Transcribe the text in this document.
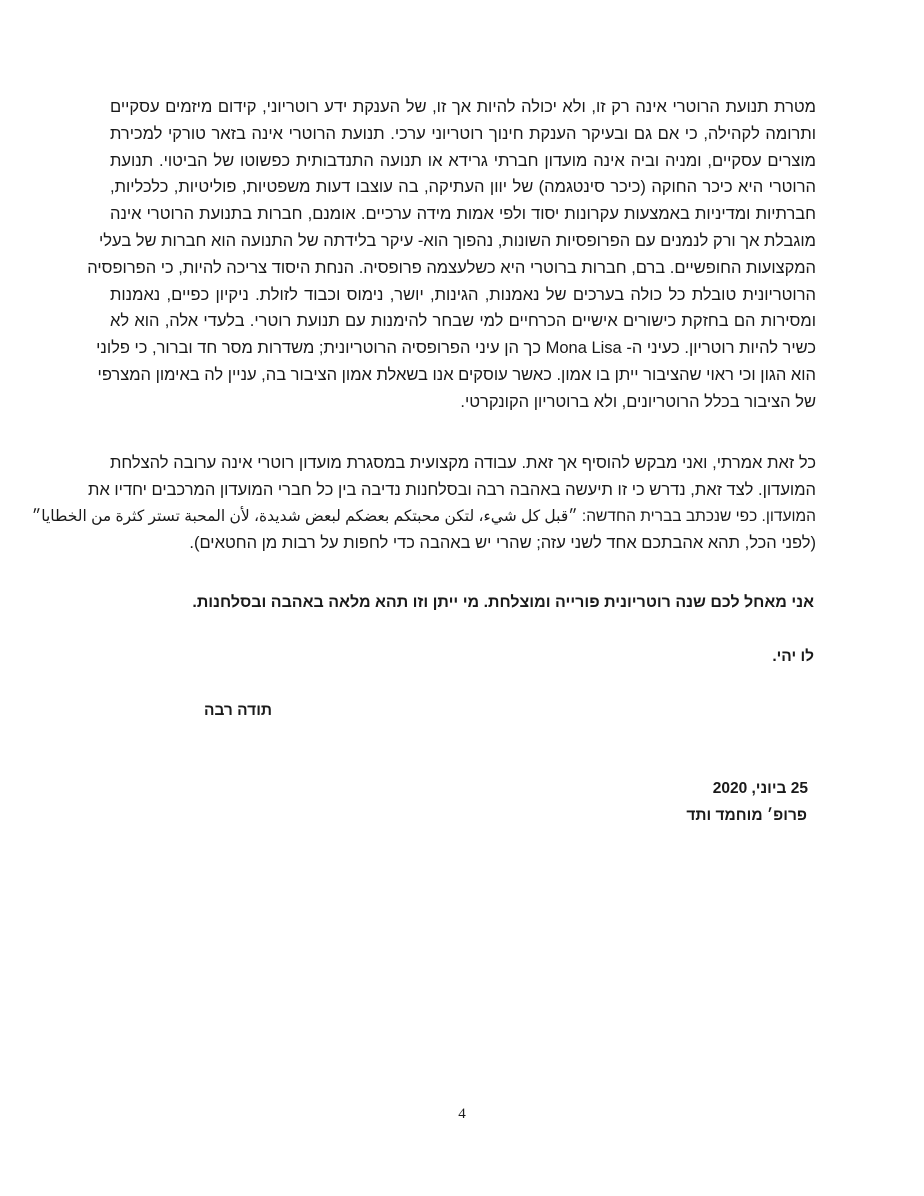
מטרת תנועת הרוטרי אינה רק זו, ולא יכולה להיות אך זו, של הענקת ידע רוטריוני, קידום מיזמים עסקיים
ותרומה לקהילה, כי אם גם ובעיקר הענקת חינוך רוטריוני ערכי. תנועת הרוטרי אינה בזאר טורקי למכירת
מוצרים עסקיים, ומניה וביה אינה מועדון חברתי גרידא או תנועה התנדבותית כפשוטו של הביטוי. תנועת
הרוטרי היא כיכר החוקה (כיכר סינטגמה) של יוון העתיקה, בה עוצבו דעות משפטיות, פוליטיות, כלכליות,
חברתיות ומדיניות באמצעות עקרונות יסוד ולפי אמות מידה ערכיים. אומנם, חברות בתנועת הרוטרי אינה
מוגבלת אך ורק לנמנים עם הפרופסיות השונות, נהפוך הוא- עיקר בלידתה של התנועה הוא חברות של בעלי
המקצועות החופשיים. ברם, חברות ברוטרי היא כשלעצמה פרופסיה. הנחת היסוד צריכה להיות, כי הפרופסיה
הרוטריונית טובלת כל כולה בערכים של נאמנות, הגינות, יושר, נימוס וכבוד לזולת. ניקיון כפיים, נאמנות
ומסירות הם בחזקת כישורים אישיים הכרחיים למי שבחר להימנות עם תנועת רוטרי. בלעדי אלה, הוא לא
כשיר להיות רוטריון. כעיני ה- Mona Lisa כך הן עיני הפרופסיה הרוטריונית; משדרות מסר חד וברור, כי פלוני
הוא הגון וכי ראוי שהציבור ייתן בו אמון. כאשר עוסקים אנו בשאלת אמון הציבור בה, עניין לה באימון המצרפי
של הציבור בכלל הרוטריונים, ולא ברוטריון הקונקרטי.
כל זאת אמרתי, ואני מבקש להוסיף אך זאת. עבודה מקצועית במסגרת מועדון רוטרי אינה ערובה להצלחת
המועדון. לצד זאת, נדרש כי זו תיעשה באהבה רבה ובסלחנות נדיבה בין כל חברי המועדון המרכבים יחדיו את
המועדון. כפי שנכתב בברית החדשה: ״قبل كل شيء، لتكن محبتكم بعضكم لبعض شديدة، لأن المحبة تستر كثرة من الخطايا״
(לפני הכל, תהא אהבתכם אחד לשני עזה; שהרי יש באהבה כדי לחפות על רבות מן החטאים).
אני מאחל לכם שנה רוטריונית פורייה ומוצלחת. מי ייתן וזו תהא מלאה באהבה ובסלחנות.
לו יהי.
תודה רבה
25 ביוני, 2020
פרופ׳ מוחמד ותד
4
